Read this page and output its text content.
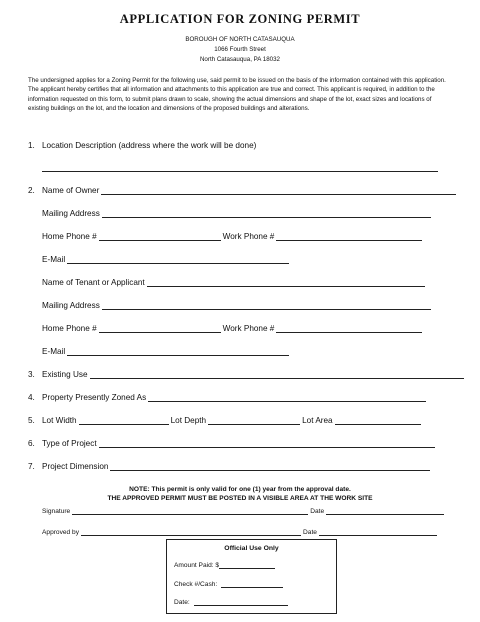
APPLICATION FOR ZONING PERMIT
BOROUGH OF NORTH CATASAUQUA
1066 Fourth Street
North Catasauqua, PA 18032
The undersigned applies for a Zoning Permit for the following use, said permit to be issued on the basis of the information contained with this application. The applicant hereby certifies that all information and attachments to this application are true and correct. This applicant is required, in addition to the information requested on this form, to submit plans drawn to scale, showing the actual dimensions and shape of the lot, exact sizes and locations of existing buildings on the lot, and the location and dimensions of the proposed buildings and alterations.
1. Location Description (address where the work will be done)
2. Name of Owner
Mailing Address
Home Phone #	Work Phone #
E-Mail
Name of Tenant or Applicant
Mailing Address
Home Phone #	Work Phone #
E-Mail
3. Existing Use
4. Property Presently Zoned As
5. Lot Width	Lot Depth	Lot Area
6. Type of Project
7. Project Dimension
NOTE: This permit is only valid for one (1) year from the approval date.
THE APPROVED PERMIT MUST BE POSTED IN A VISIBLE AREA AT THE WORK SITE
Signature	Date
Approved by	Date
Official Use Only
Amount Paid: $
Check #/Cash:
Date:
